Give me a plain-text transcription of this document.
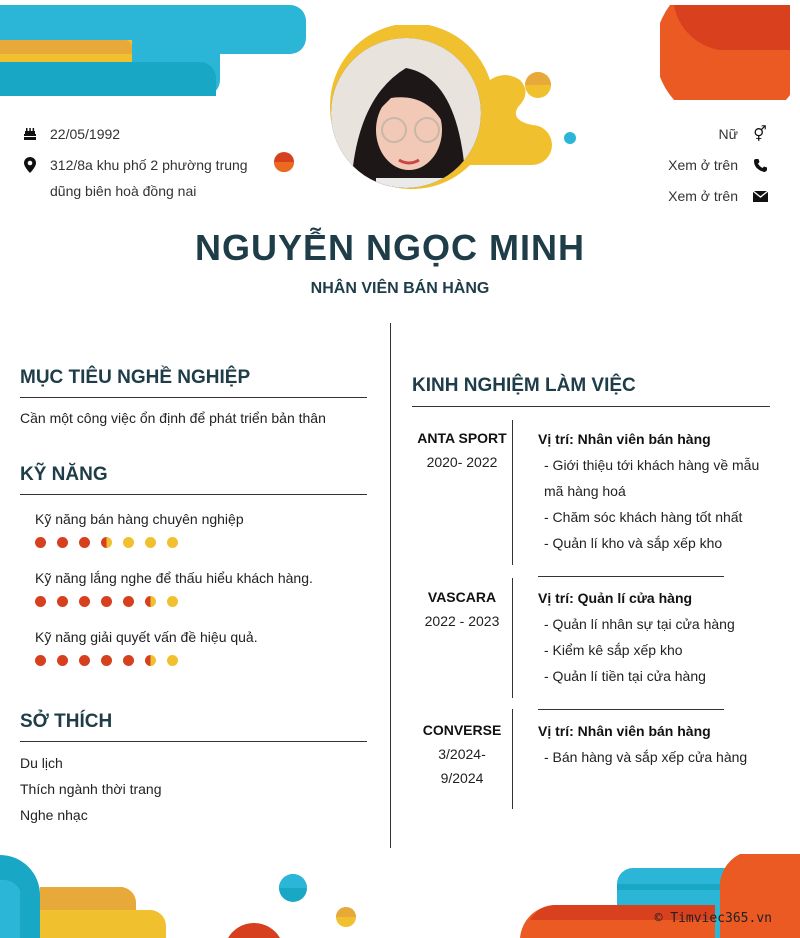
22/05/1992
312/8a khu phố 2 phường trung dũng biên hoà đồng nai
Nữ ⚥
Xem ở trên
Xem ở trên
NGUYỄN NGỌC MINH
NHÂN VIÊN BÁN HÀNG
MỤC TIÊU NGHỀ NGHIỆP
Cần một công việc ổn định để phát triển bản thân
KỸ NĂNG
Kỹ năng bán hàng chuyên nghiệp
Kỹ năng lắng nghe để thấu hiểu khách hàng.
Kỹ năng giải quyết vấn đề hiệu quả.
SỞ THÍCH
Du lịch
Thích ngành thời trang
Nghe nhạc
KINH NGHIỆM LÀM VIỆC
ANTA SPORT
2020- 2022
Vị trí: Nhân viên bán hàng
- Giới thiệu tới khách hàng về mẫu
mã hàng hoá
- Chăm sóc khách hàng tốt nhất
- Quản lí kho và sắp xếp kho
VASCARA
2022 - 2023
Vị trí: Quản lí cửa hàng
- Quản lí nhân sự tại cửa hàng
- Kiểm kê sắp xếp kho
- Quản lí tiền tại cửa hàng
CONVERSE
3/2024-
9/2024
Vị trí: Nhân viên bán hàng
- Bán hàng và sắp xếp cửa hàng
© Timviec365.vn
